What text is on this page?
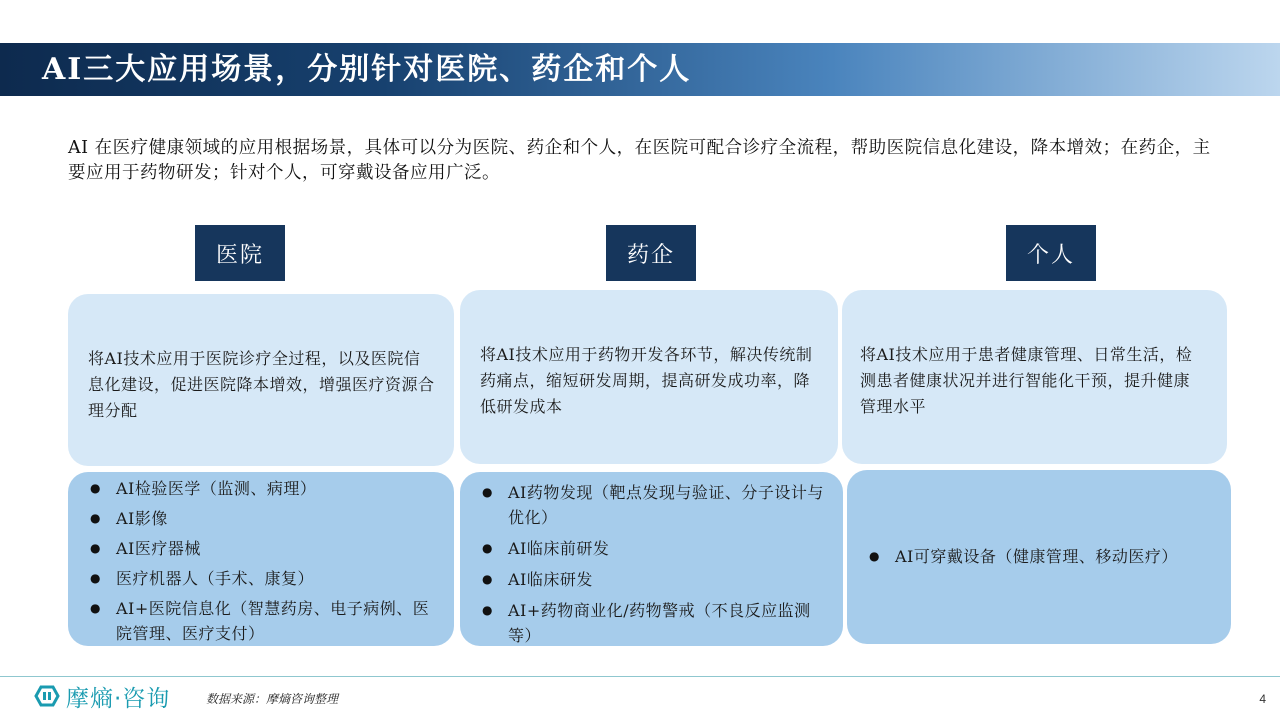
AI三大应用场景，分别针对医院、药企和个人
AI 在医疗健康领域的应用根据场景，具体可以分为医院、药企和个人，在医院可配合诊疗全流程，帮助医院信息化建设，降本增效；在药企，主要应用于药物研发；针对个人，可穿戴设备应用广泛。
医院

将AI技术应用于医院诊疗全过程，以及医院信息化建设，促进医院降本增效，增强医疗资源合理分配

● AI检验医学（监测、病理）
● AI影像
● AI医疗器械
● 医疗机器人（手术、康复）
● AI+医院信息化（智慧药房、电子病例、医院管理、医疗支付）
药企

将AI技术应用于药物开发各环节，解决传统制药痛点，缩短研发周期，提高研发成功率，降低研发成本

● AI药物发现（靶点发现与验证、分子设计与优化）
● AI临床前研发
● AI临床研发
● AI+药物商业化/药物警戒（不良反应监测等）
个人

将AI技术应用于患者健康管理、日常生活，检测患者健康状况并进行智能化干预，提升健康管理水平

● AI可穿戴设备（健康管理、移动医疗）
摩熵·咨询	数据来源：摩熵咨询整理	4
